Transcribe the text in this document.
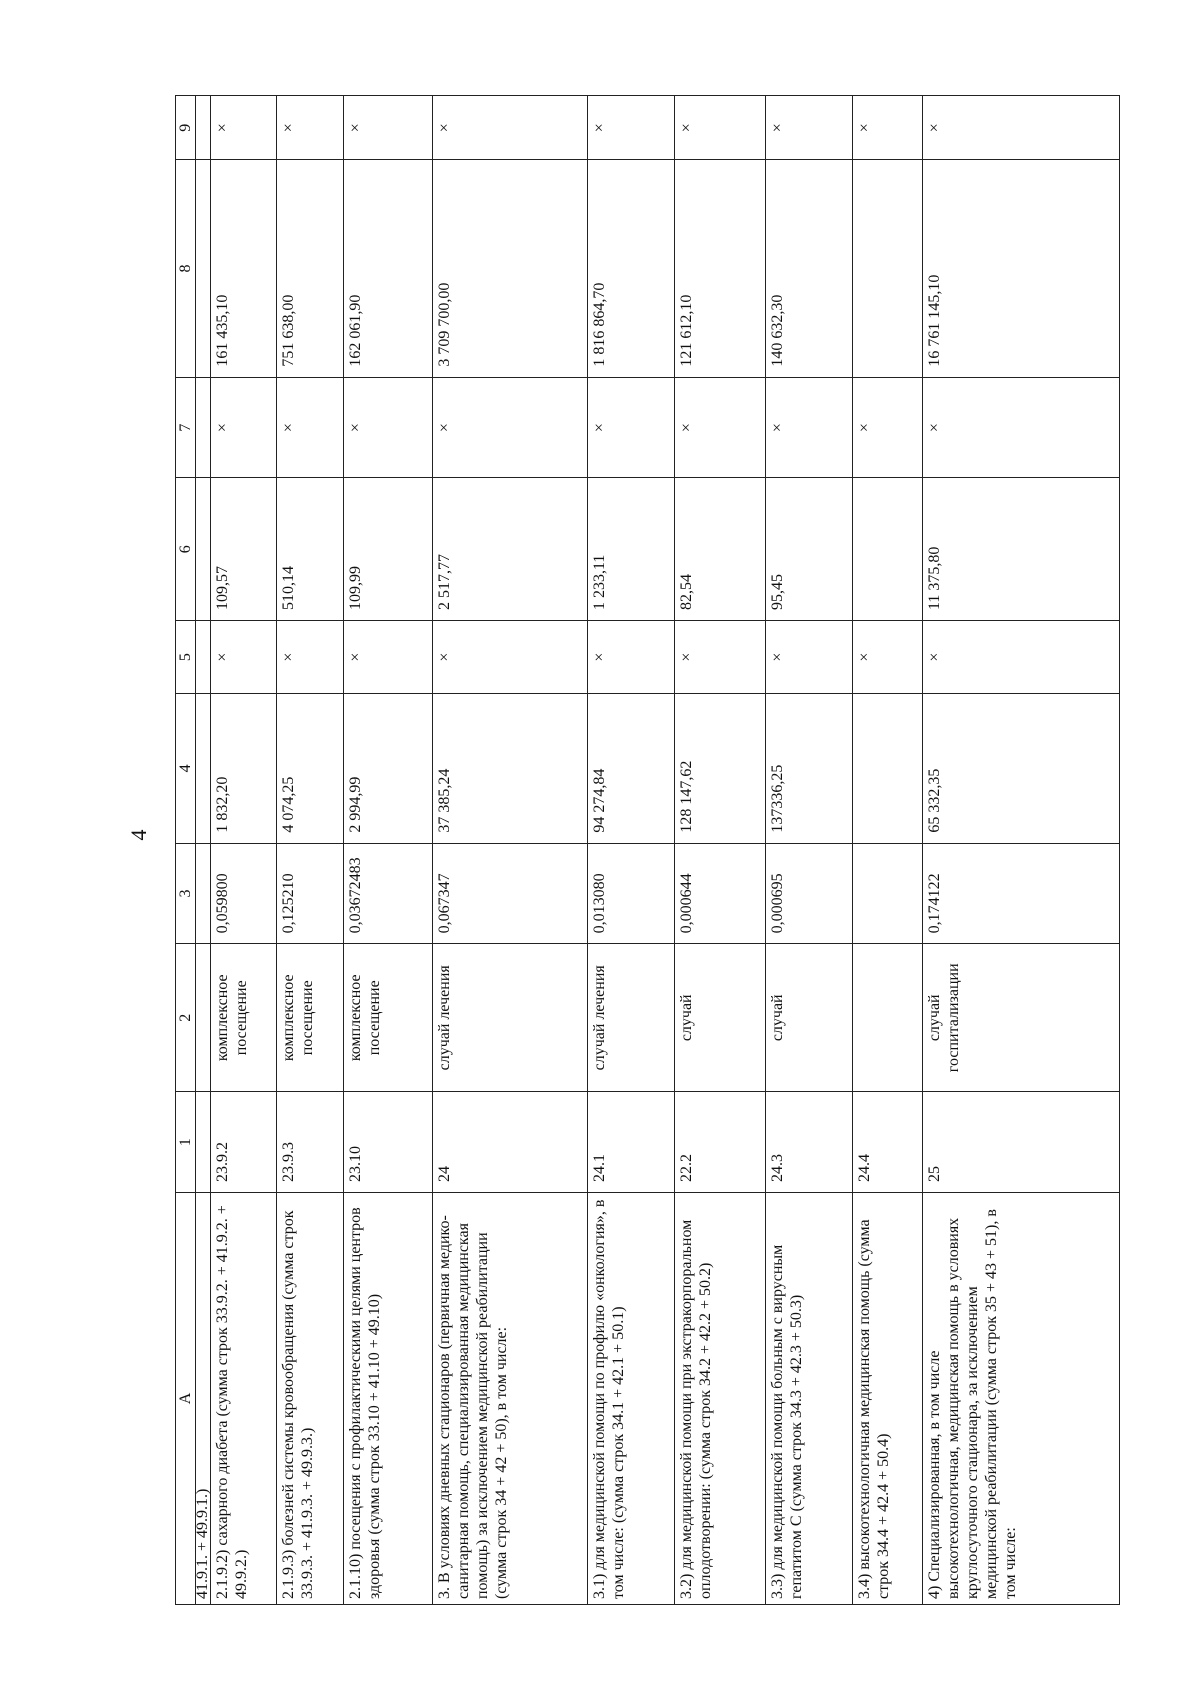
4
A	1	2	3	4	5	6	7	8	9
41.9.1. + 49.9.1.)									
2.1.9.2) сахарного диабета (сумма строк 33.9.2. + 41.9.2. + 49.9.2.)	23.9.2	комплексное посещение	0,059800	1 832,20	×	109,57	×	161 435,10	×
2.1.9.3) болезней системы кровообращения (сумма строк 33.9.3. + 41.9.3. + 49.9.3.)	23.9.3	комплексное посещение	0,125210	4 074,25	×	510,14	×	751 638,00	×
2.1.10) посещения с профилактическими целями центров здоровья (сумма строк 33.10 + 41.10 + 49.10)	23.10	комплексное посещение	0,03672483	2 994,99	×	109,99	×	162 061,90	×
3. В условиях дневных стационаров (первичная медико-санитарная помощь, специализированная медицинская помощь) за исключением медицинской реабилитации (сумма строк 34 + 42 + 50), в том числе:	24	случай лечения	0,067347	37 385,24	×	2 517,77	×	3 709 700,00	×
3.1) для медицинской помощи по профилю «онкология», в том числе: (сумма строк 34.1 + 42.1 + 50.1)	24.1	случай лечения	0,013080	94 274,84	×	1 233,11	×	1 816 864,70	×
3.2) для медицинской помощи при экстракорпоральном оплодотворении: (сумма строк 34.2 + 42.2 + 50.2)	22.2	случай	0,000644	128 147,62	×	82,54	×	121 612,10	×
3.3) для медицинской помощи больным с вирусным гепатитом С (сумма строк 34.3 + 42.3 + 50.3)	24.3	случай	0,000695	137336,25	×	95,45	×	140 632,30	×
3.4) высокотехнологичная медицинская помощь (сумма строк 34.4 + 42.4 + 50.4)	24.4				×		×		×
4) Специализированная, в том числе высокотехнологичная, медицинская помощь в условиях круглосуточного стационара, за исключением медицинской реабилитации (сумма строк 35 + 43 + 51), в том числе:	25	случай госпитализации	0,174122	65 332,35	×	11 375,80	×	16 761 145,10	×
